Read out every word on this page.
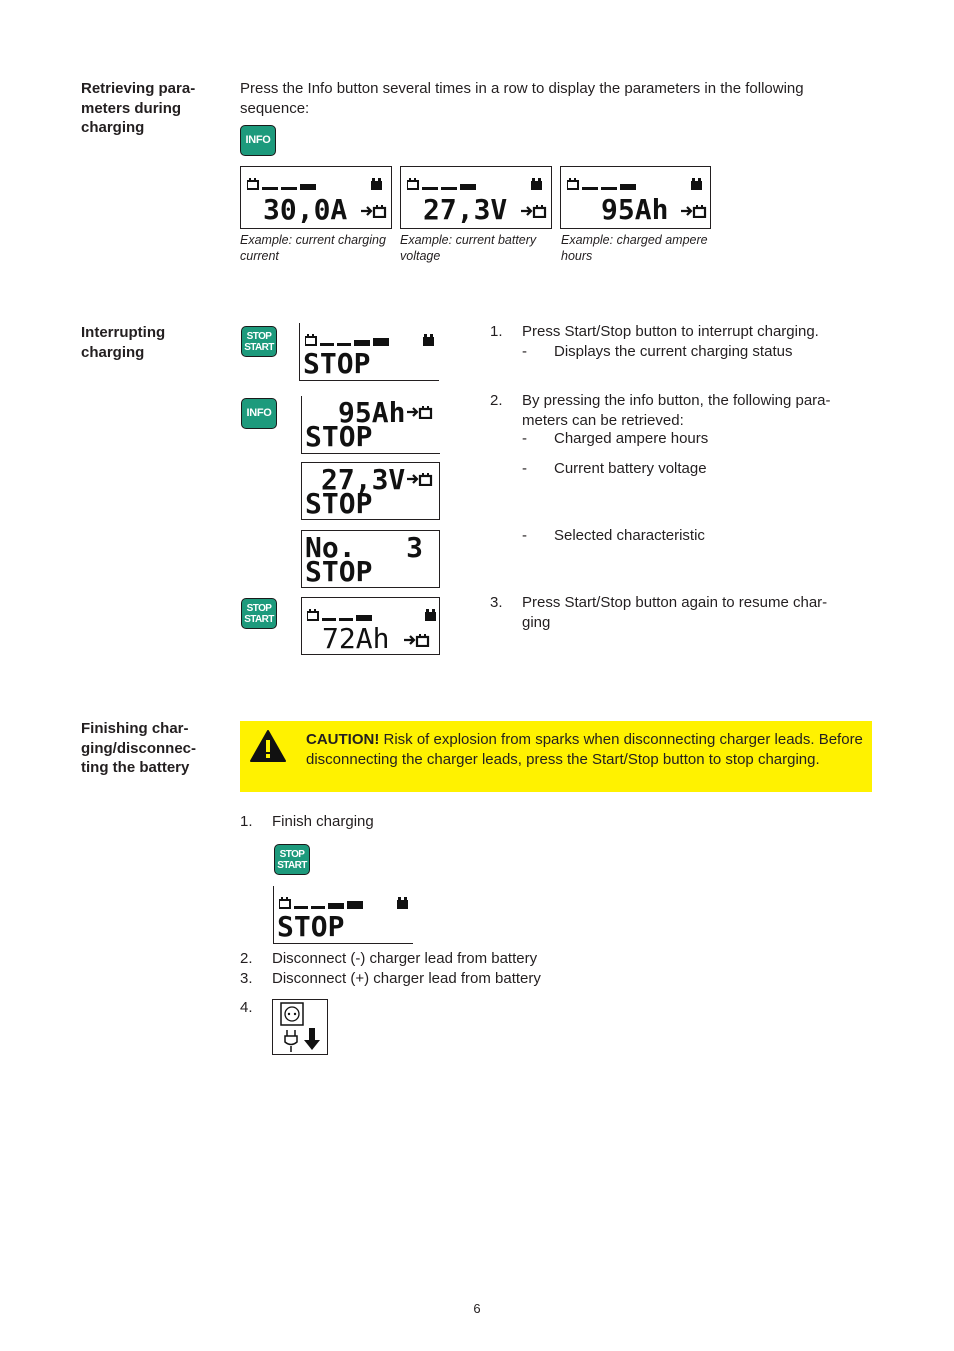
Retrieving para-
meters during
charging
Press the Info button several times in a row to display the parameters in the following sequence:
INFO
30,0A
Example: current charging current
27,3V
Example: current battery voltage
95Ah
Example: charged ampere hours
Interrupting
charging
STOP
START STOP
INFO 95Ah
STOP
27,3V
STOP
No.   3
STOP
STOP
START
72Ah
1. Press Start/Stop button to interrupt charging.
- Displays the current charging status
2.	By pressing the info button, the following para-
meters can be retrieved:
- Charged ampere hours
- Current battery voltage
- Selected characteristic
3.	Press Start/Stop button again to resume char-
ging
Finishing char-
ging/disconnec-
ting the battery
CAUTION! Risk of explosion from sparks when disconnecting charger leads. Before disconnecting the charger leads, press the Start/Stop button to stop charging.
1. Finish charging
STOP
START
STOP
2. Disconnect (-) charger lead from battery
3. Disconnect (+) charger lead from battery
4.
6
